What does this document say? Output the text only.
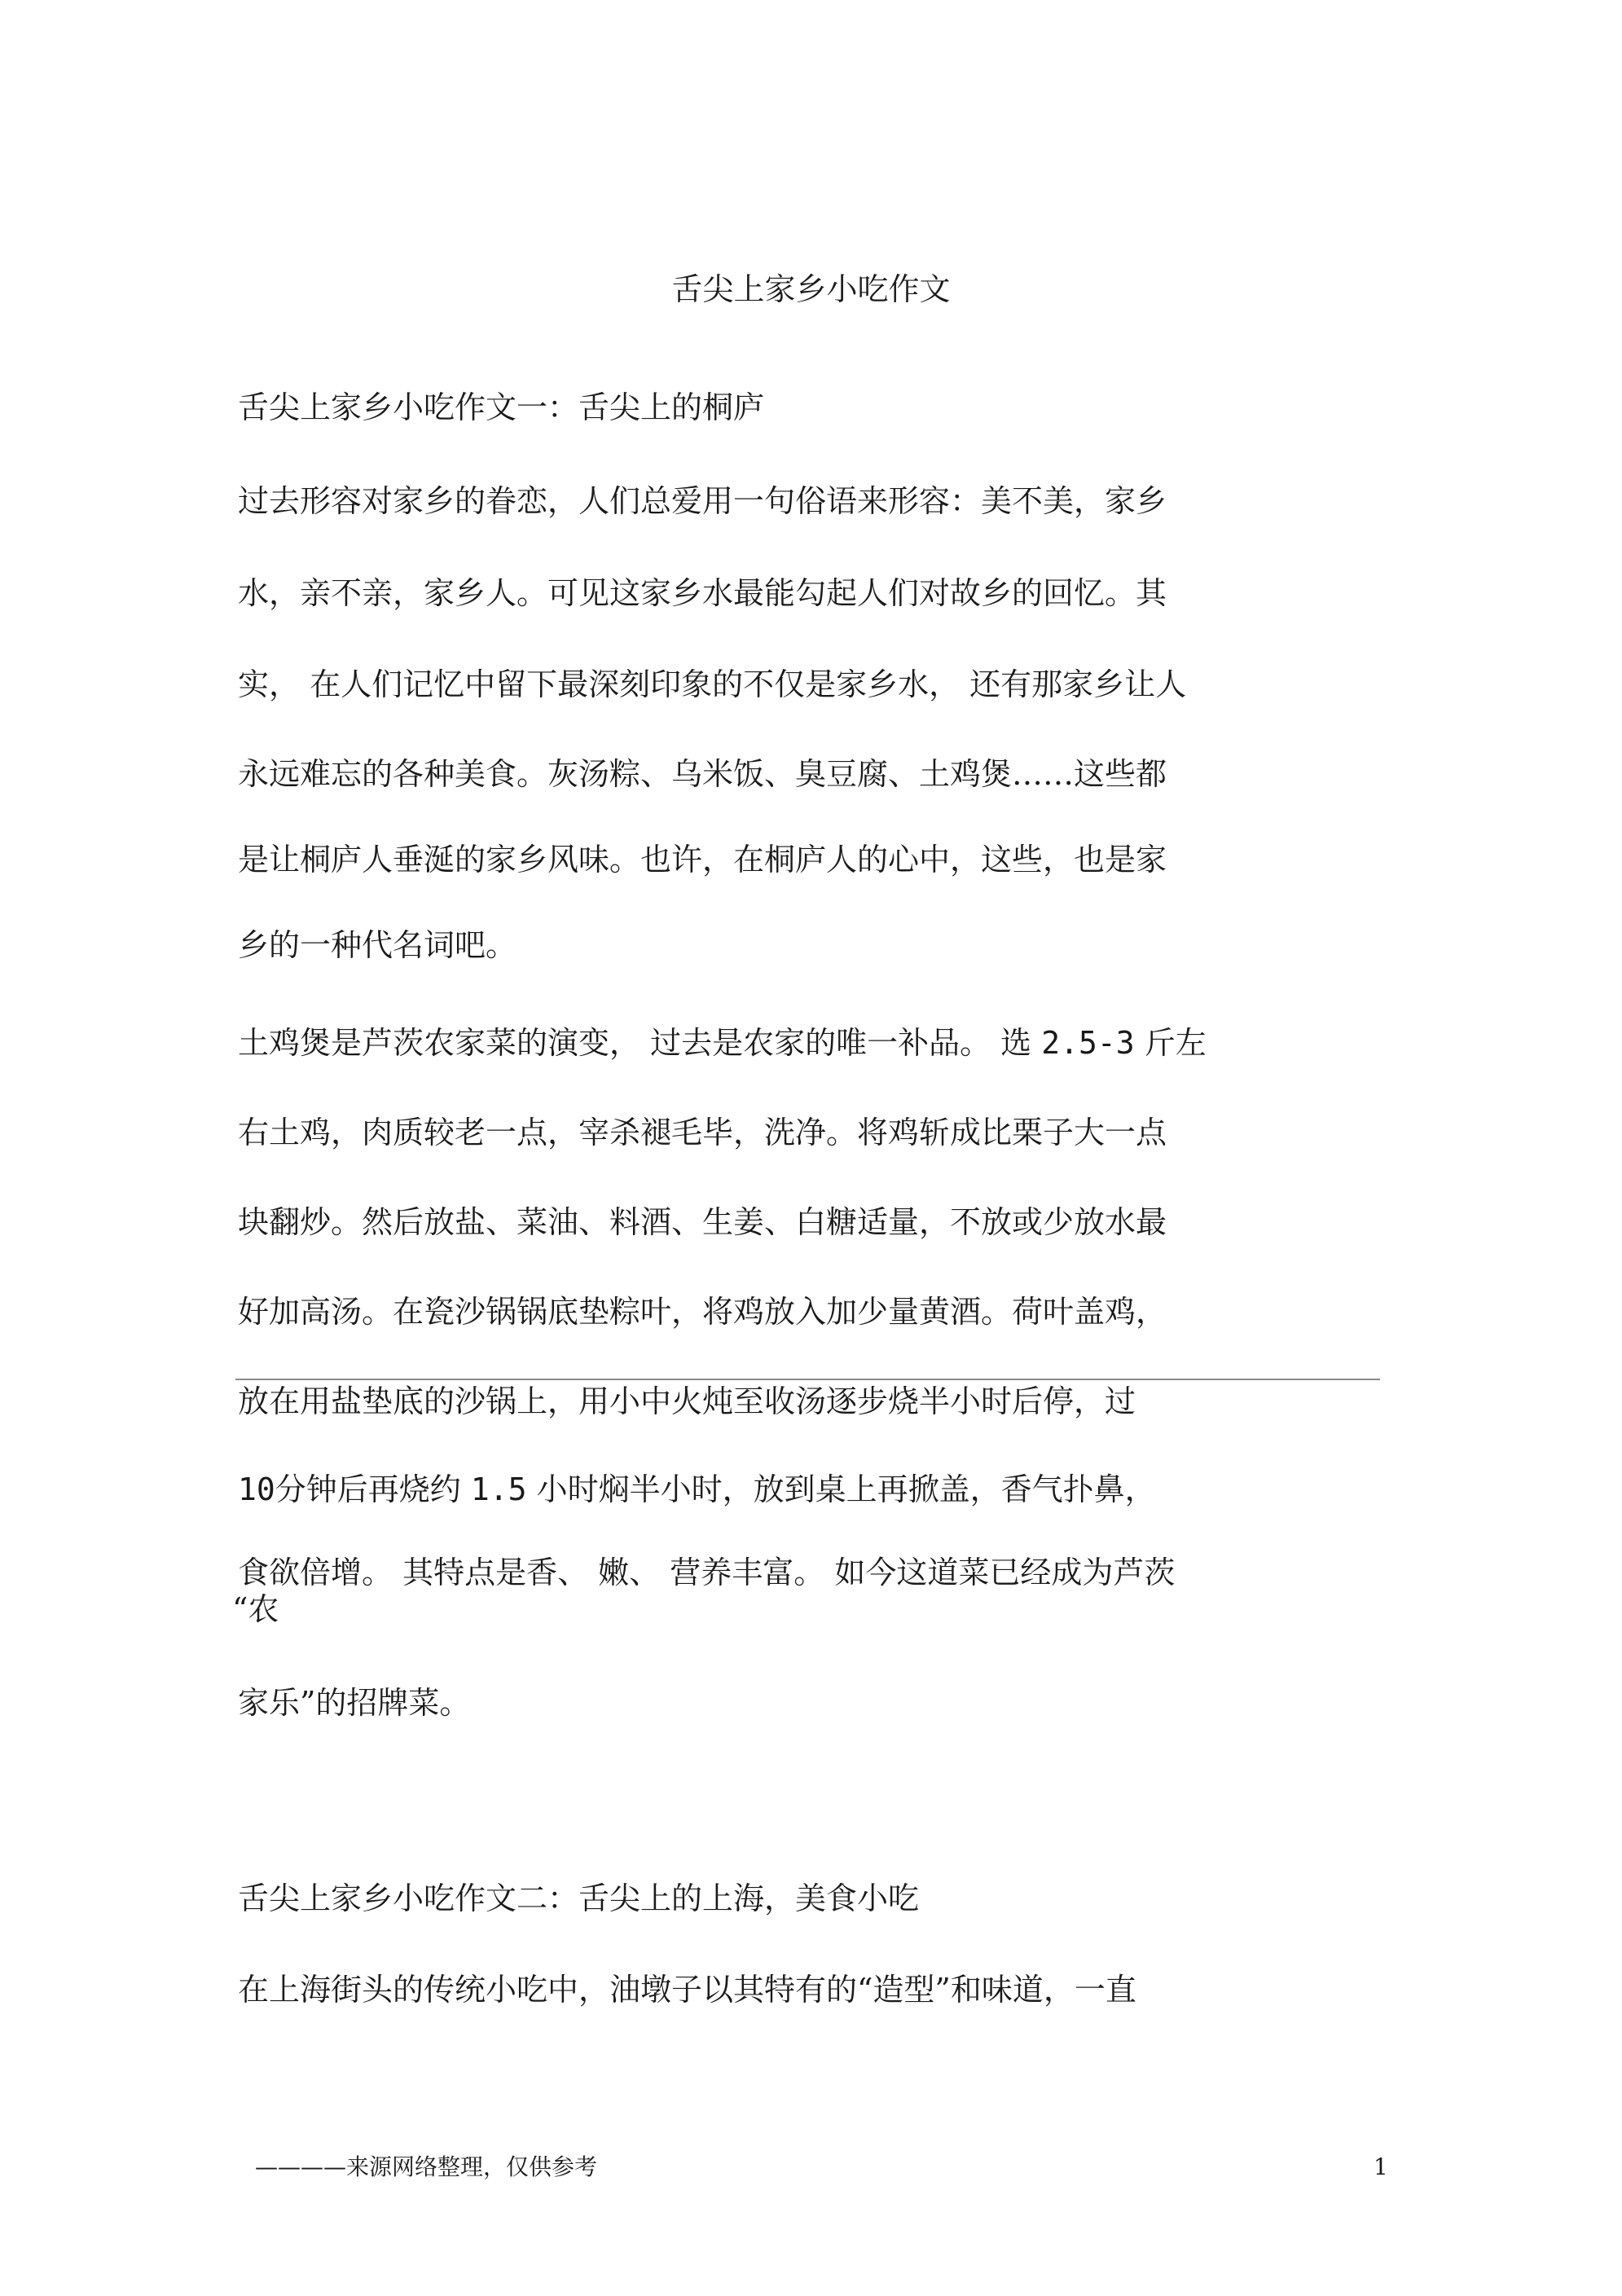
舌尖上家乡小吃作文
舌尖上家乡小吃作文一：舌尖上的桐庐
过去形容对家乡的眷恋，人们总爱用一句俗语来形容：美不美，家乡
水，亲不亲，家乡人。可见这家乡水最能勾起人们对故乡的回忆。其
实， 在人们记忆中留下最深刻印象的不仅是家乡水， 还有那家乡让人
永远难忘的各种美食。灰汤粽、乌米饭、臭豆腐、土鸡煲……这些都
是让桐庐人垂涎的家乡风味。也许，在桐庐人的心中，这些，也是家
乡的一种代名词吧。
土鸡煲是芦茨农家菜的演变， 过去是农家的唯一补品。 选 2.5-3 斤左
右土鸡，肉质较老一点，宰杀褪毛毕，洗净。将鸡斩成比栗子大一点
块翻炒。然后放盐、菜油、料酒、生姜、白糖适量，不放或少放水最
好加高汤。在瓷沙锅锅底垫粽叶，将鸡放入加少量黄酒。荷叶盖鸡，
放在用盐垫底的沙锅上，用小中火炖至收汤逐步烧半小时后停，过
10分钟后再烧约 1.5 小时焖半小时，放到桌上再掀盖，香气扑鼻，
食欲倍增。 其特点是香、 嫩、 营养丰富。 如今这道菜已经成为芦茨
“农
家乐”的招牌菜。
舌尖上家乡小吃作文二：舌尖上的上海，美食小吃
在上海街头的传统小吃中，油墩子以其特有的“造型”和味道，一直
————来源网络整理，仅供参考	1
